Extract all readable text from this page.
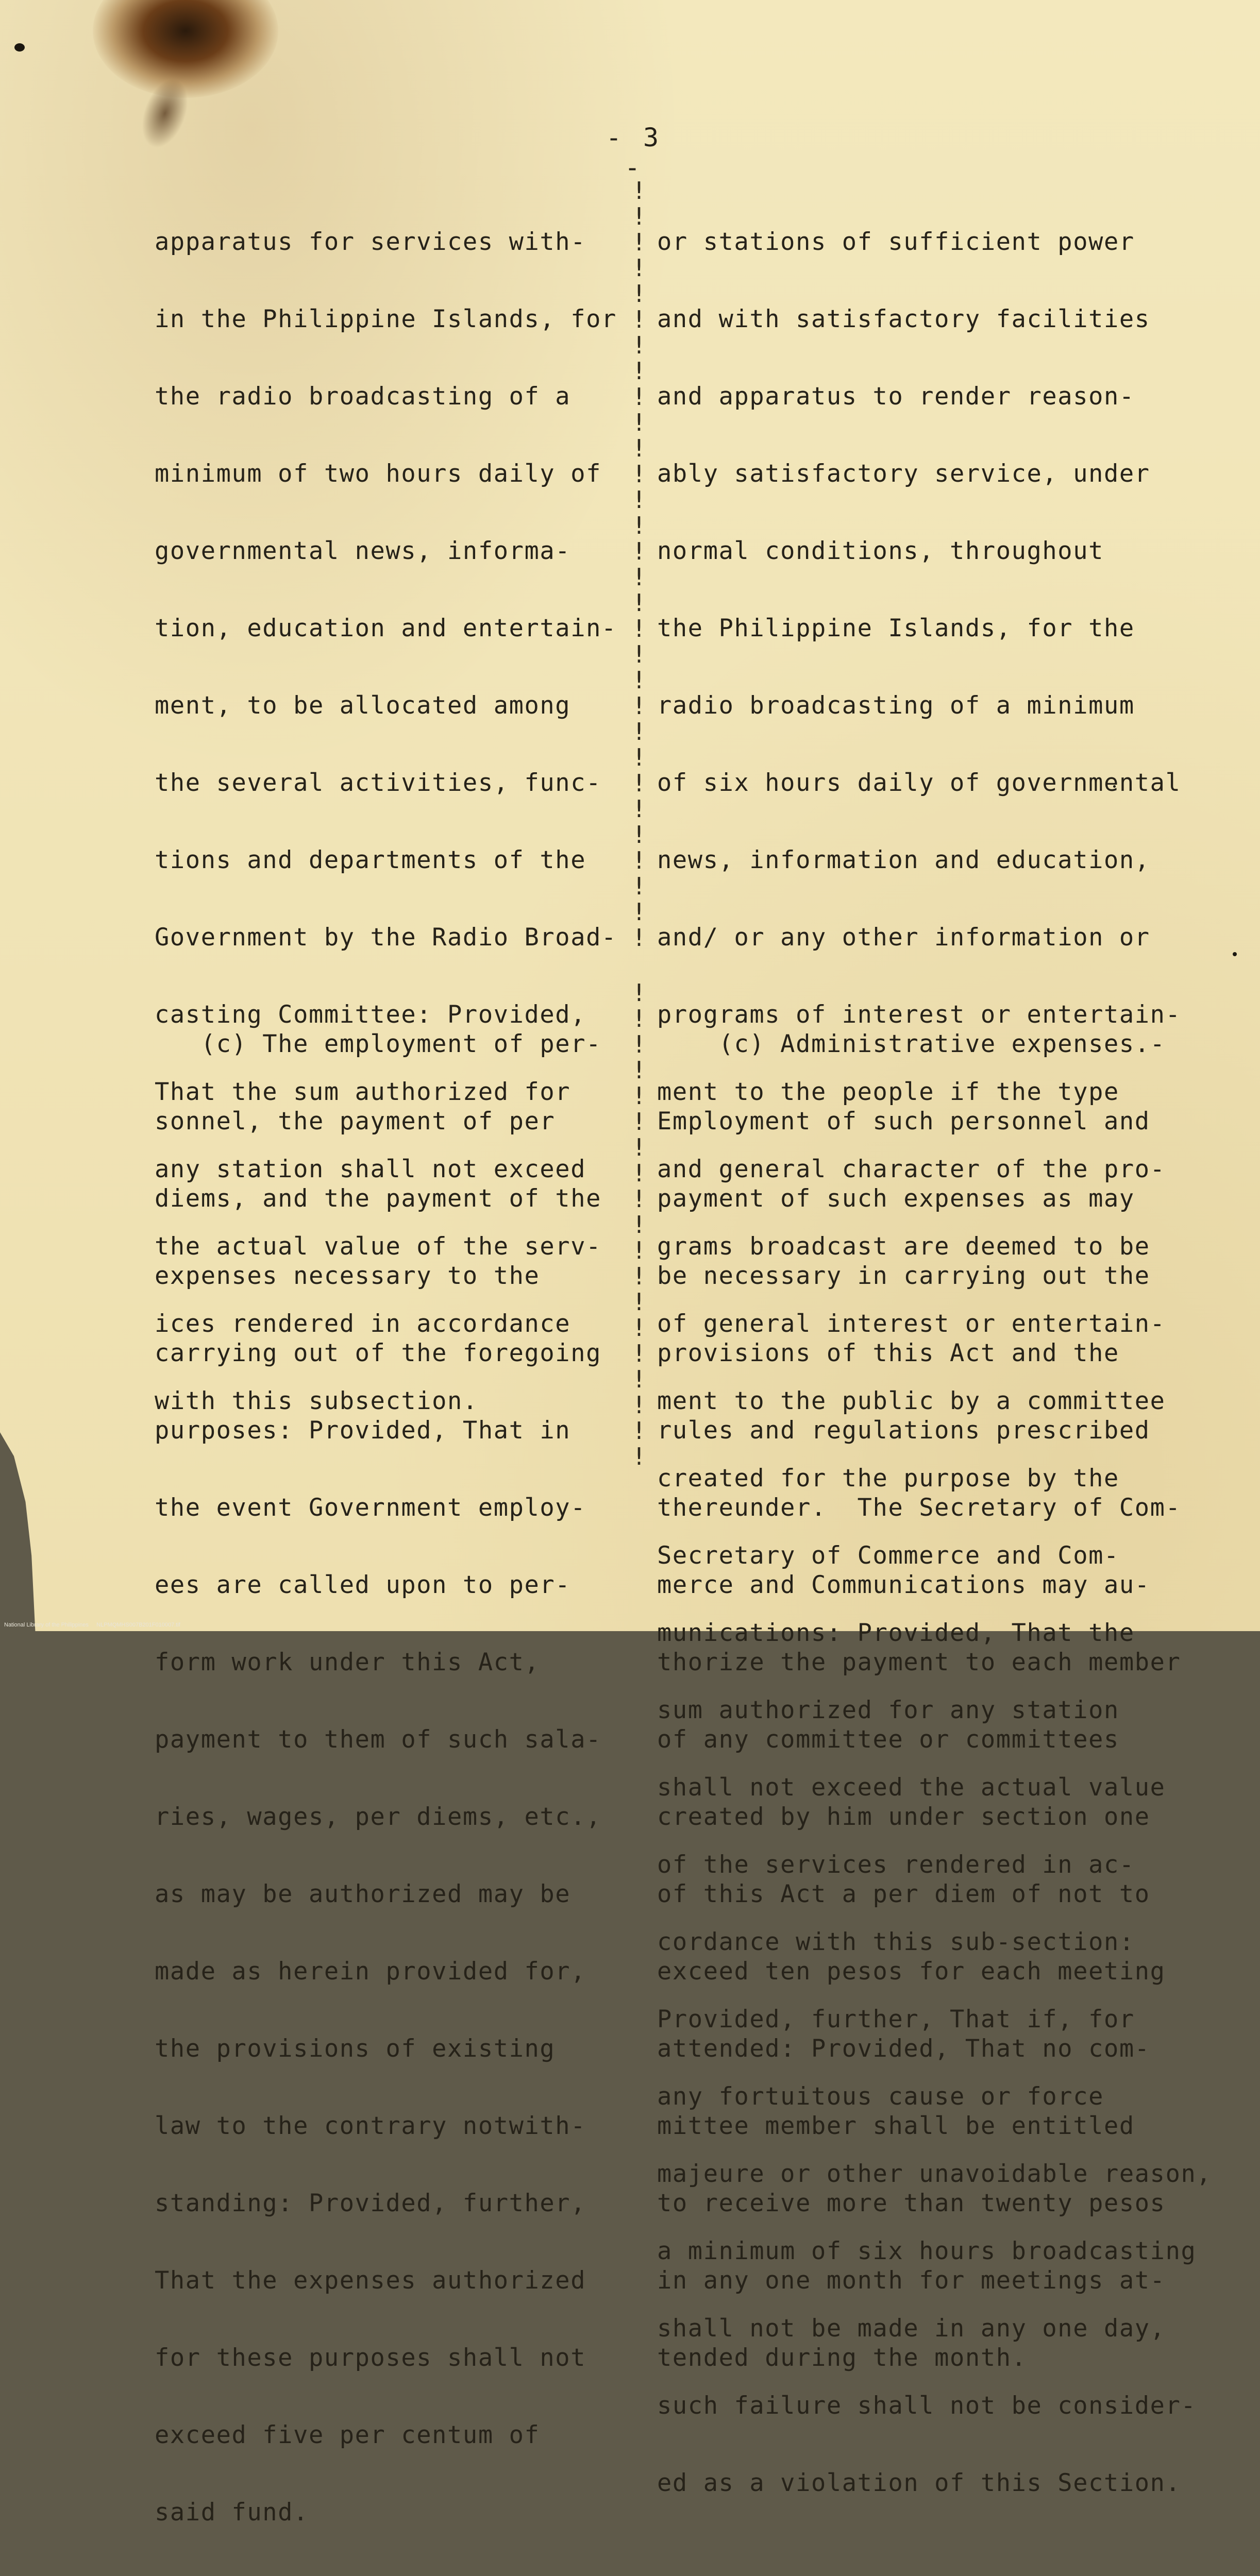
- 3 -

apparatus for services with-

in the Philippine Islands, for

the radio broadcasting of a

minimum of two hours daily of

governmental news, informa-

tion, education and entertain-

ment, to be allocated among

the several activities, func-

tions and departments of the

Government by the Radio Broad-

casting Committee: Provided,

That the sum authorized for

any station shall not exceed

the actual value of the serv-

ices rendered in accordance

with this subsection.

!
!
!
!
!
!
!
!
!
!
!
!
!
!
!
!
!
!
!
!
!
!
!
!
!
!
!
!
!
!

or stations of sufficient power

and with satisfactory facilities

and apparatus to render reason-

ably satisfactory service, under

normal conditions, throughout

the Philippine Islands, for the

radio broadcasting of a minimum

of six hours daily of governmental

news, information and education,

and/ or any other information or

programs of interest or entertain-

ment to the people if the type

and general character of the pro-

grams broadcast are deemed to be

of general interest or entertain-

ment to the public by a committee

created for the purpose by the

Secretary of Commerce and Com-

munications: Provided, That the

sum authorized for any station

shall not exceed the actual value

of the services rendered in ac-

cordance with this sub-section:

Provided, further, That if, for

any fortuitous cause or force

majeure or other unavoidable reason,

a minimum of six hours broadcasting

shall not be made in any one day,

such failure shall not be consider-

ed as a violation of this Section.

(c) The employment of per-

sonnel, the payment of per

diems, and the payment of the

expenses necessary to the

carrying out of the foregoing

purposes: Provided, That in

the event Government employ-

ees are called upon to per-

form work under this Act,

payment to them of such sala-

ries, wages, per diems, etc.,

as may be authorized may be

made as herein provided for,

the provisions of existing

law to the contrary notwith-

standing: Provided, further,

That the expenses authorized

for these purposes shall not

exceed five per centum of

said fund.

!
!
!
!
!
!
!
!
!
!
!
!
!
!
!
!
!
!
!

(c) Administrative expenses.-

Employment of such personnel and

payment of such expenses as may

be necessary in carrying out the

provisions of this Act and the

rules and regulations prescribed

thereunder.  The Secretary of Com-

merce and Communications may au-

thorize the payment to each member

of any committee or committees

created by him under section one

of this Act a per diem of not to

exceed ten pesos for each meeting

attended: Provided, That no com-

mittee member shall be entitled

to receive more than twenty pesos

in any one month for meetings at-

tended during the month.

National Library of the Philippines NLPMQMHS007B201F010007.tif
